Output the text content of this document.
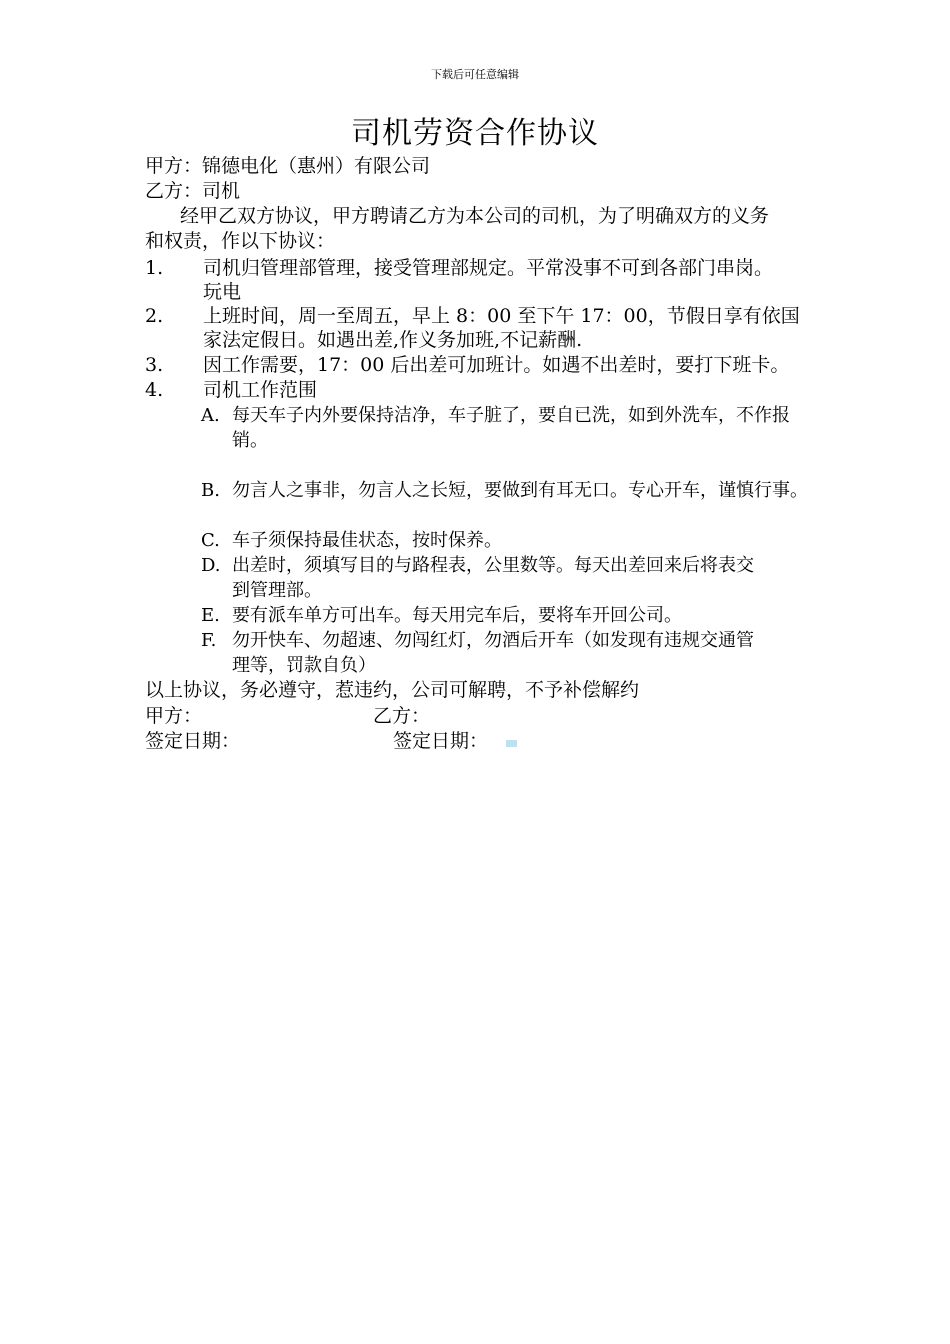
下载后可任意编辑
司机劳资合作协议
甲方：锦德电化（惠州）有限公司
乙方：司机
经甲乙双方协议，甲方聘请乙方为本公司的司机，为了明确双方的义务
和权责，作以下协议：
1. 司机归管理部管理，接受管理部规定。平常没事不可到各部门串岗。
玩电
2. 上班时间，周一至周五，早上 8：00 至下午 17：00，节假日享有依国
家法定假日。如遇出差,作义务加班,不记薪酬.
3. 因工作需要，17：00 后出差可加班计。如遇不出差时，要打下班卡。
4. 司机工作范围
A. 每天车子内外要保持洁净，车子脏了，要自已洗，如到外洗车，不作报
销。
B. 勿言人之事非，勿言人之长短，要做到有耳无口。专心开车，谨慎行事。
C. 车子须保持最佳状态，按时保养。
D. 出差时，须填写目的与路程表，公里数等。每天出差回来后将表交
到管理部。
E. 要有派车单方可出车。每天用完车后，要将车开回公司。
F. 勿开快车、勿超速、勿闯红灯，勿酒后开车（如发现有违规交通管
理等，罚款自负）
以上协议，务必遵守，惹违约，公司可解聘，不予补偿解约
甲方：	乙方：
签定日期：	签定日期：
